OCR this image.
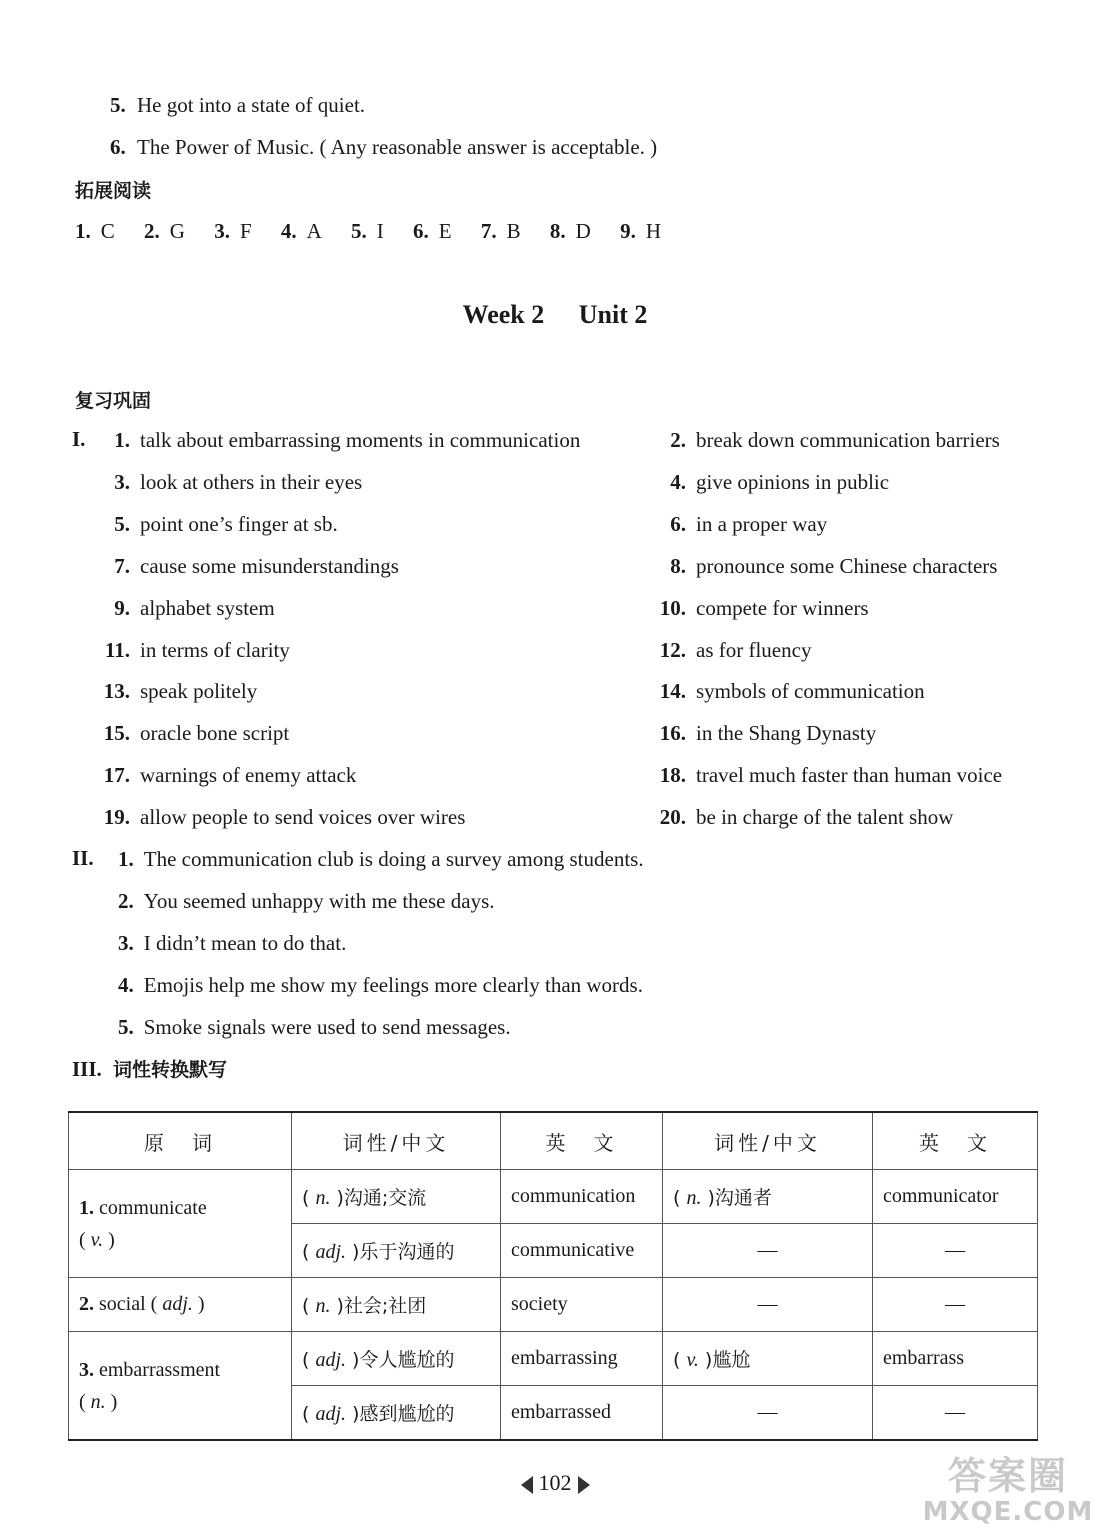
5. He got into a state of quiet.
6. The Power of Music. ( Any reasonable answer is acceptable. )
拓展阅读
1. C 2. G 3. F 4. A 5. I 6. E 7. B 8. D 9. H
Week 2 Unit 2
复习巩固
I.	1. talk about embarrassing moments in communication	2. break down communication barriers
3. look at others in their eyes	4. give opinions in public
5. point one’s finger at sb.	6. in a proper way
7. cause some misunderstandings	8. pronounce some Chinese characters
9. alphabet system	10. compete for winners
11. in terms of clarity	12. as for fluency
13. speak politely	14. symbols of communication
15. oracle bone script	16. in the Shang Dynasty
17. warnings of enemy attack	18. travel much faster than human voice
19. allow people to send voices over wires	20. be in charge of the talent show
II. 1. The communication club is doing a survey among students.
2. You seemed unhappy with me these days.
3. I didn’t mean to do that.
4. Emojis help me show my feelings more clearly than words.
5. Smoke signals were used to send messages.
III. 词性转换默写
原　词	词性/中文	英　文	词性/中文	英　文
1. communicate
( v. )	( n. )沟通;交流	communication	( n. )沟通者	communicator
	( adj. )乐于沟通的	communicative	—	—
2. social ( adj. )	( n. )社会;社团	society	—	—
3. embarrassment
( n. )	( adj. )令人尴尬的	embarrassing	( v. )尴尬	embarrass
	( adj. )感到尴尬的	embarrassed	—	—
102	答案圈
MXQE.COM
